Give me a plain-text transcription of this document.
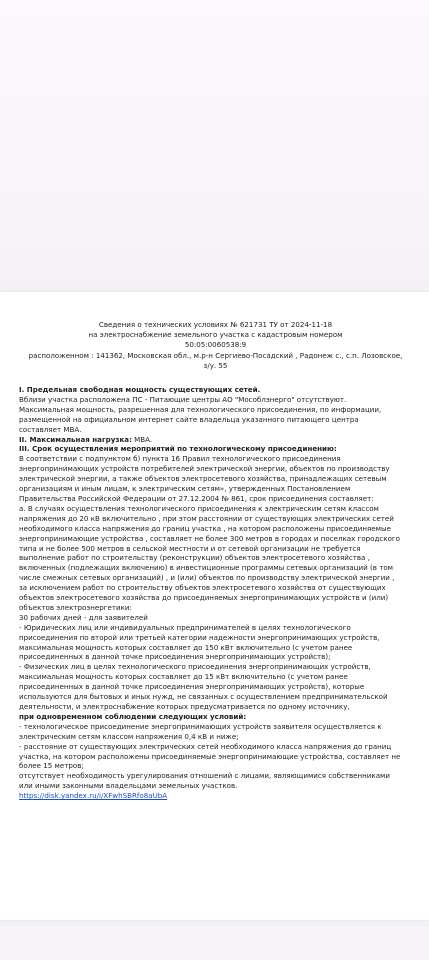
Сведения о технических условиях № 621731 ТУ от 2024-11-18
на электроснабжение земельного участка с кадастровым номером
50:05:0060538:9
расположенном : 141362, Московская обл., м.р-н Сергиево-Посадский , Радонеж с., с.п. Лозовское,
з/у. 55
I. Предельная свободная мощность существующих сетей.
Вблизи участка расположена ПС - Питающие центры АО "Мособлэнерго" отсутствуют.
Максимальная мощность, разрешенная для технологического присоединения, по информации,
размещенной на официальном интернет сайте владельца указанного питающего центра
составляет МВА.
II. Максимальная нагрузка: МВА.
III. Срок осуществления мероприятий по технологическому присоединению:
В соответствии с подпунктом б) пункта 16 Правил технологического присоединения
энергопринимающих устройств потребителей электрической энергии, объектов по производству
электрической энергии, а также объектов электросетевого хозяйства, принадлежащих сетевым
организациям и иным лицам, к электрическим сетям», утвержденных Постановлением
Правительства Российской Федерации от 27.12.2004 № 861, срок присоединения составляет:
а. В случаях осуществления технологического присоединения к электрическим сетям классом
напряжения до 20 кВ включительно , при этом расстоянии от существующих электрических сетей
необходимого класса напряжения до границ участка , на котором расположены присоединяемые
энергопринимающие устройства , составляет не более 300 метров в городах и поселках городского
типа и не более 500 метров в сельской местности и от сетевой организации не требуется
выполнение работ по строительству (реконструкции) объектов электросетевого хозяйства ,
включенных (подлежащих включению) в инвестиционные программы сетевых организаций (в том
числе смежных сетевых организаций) , и (или) объектов по производству электрической энергии ,
за исключением работ по строительству объектов электросетевого хозяйства от существующих
объектов электросетевого хозяйства до присоединяемых энергопринимающих устройств и (или)
объектов электроэнергетики:
30 рабочих дней - для заявителей
- Юридических лиц или индивидуальных предпринимателей в целях технологического
присоединения по второй или третьей категории надежности энергопринимающих устройств,
максимальная мощность которых составляет до 150 кВт включительно (с учетом ранее
присоединенных в данной точке присоединения энергопринимающих устройств);
- Физических лиц в целях технологического присоединения энергопринимающих устройств,
максимальная мощность которых составляет до 15 кВт включительно (с учетом ранее
присоединенных в данной точке присоединения энергопринимающих устройств), которые
используются для бытовых и иных нужд, не связанных с осуществлением предпринимательской
деятельности, и электроснабжение которых предусматривается по одному источнику,
при одновременном соблюдении следующих условий:
- технологическое присоединение энергопринимающих устройств заявителя осуществляется к
электрическим сетям классом напряжения 0,4 кВ и ниже;
- расстояние от существующих электрических сетей необходимого класса напряжения до границ
участка, на котором расположены присоединяемые энергопринимающие устройства, составляет не
более 15 метров;
отсутствует необходимость урегулирования отношений с лицами, являющимися собственниками
или иными законными владельцами земельных участков.
https://disk.yandex.ru/i/XFwhSBRfo8aUbA
